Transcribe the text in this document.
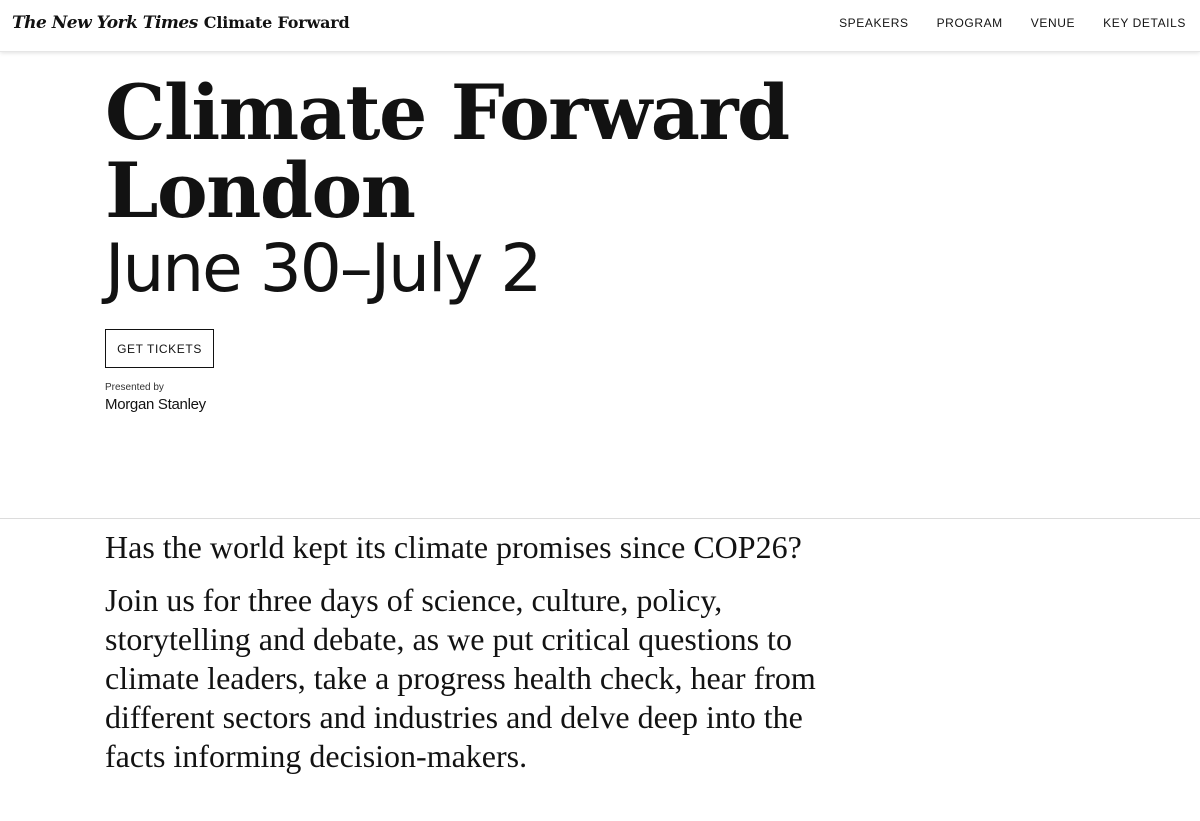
The New York Times Climate Forward	SPEAKERS PROGRAM VENUE KEY DETAILS
Climate Forward
London
June 30–July 2
GET TICKETS
Presented by
Morgan Stanley

Has the world kept its climate promises since COP26?

Join us for three days of science, culture, policy, storytelling and debate, as we put critical questions to climate leaders, take a progress health check, hear from different sectors and industries and delve deep into the facts informing decision-makers.
